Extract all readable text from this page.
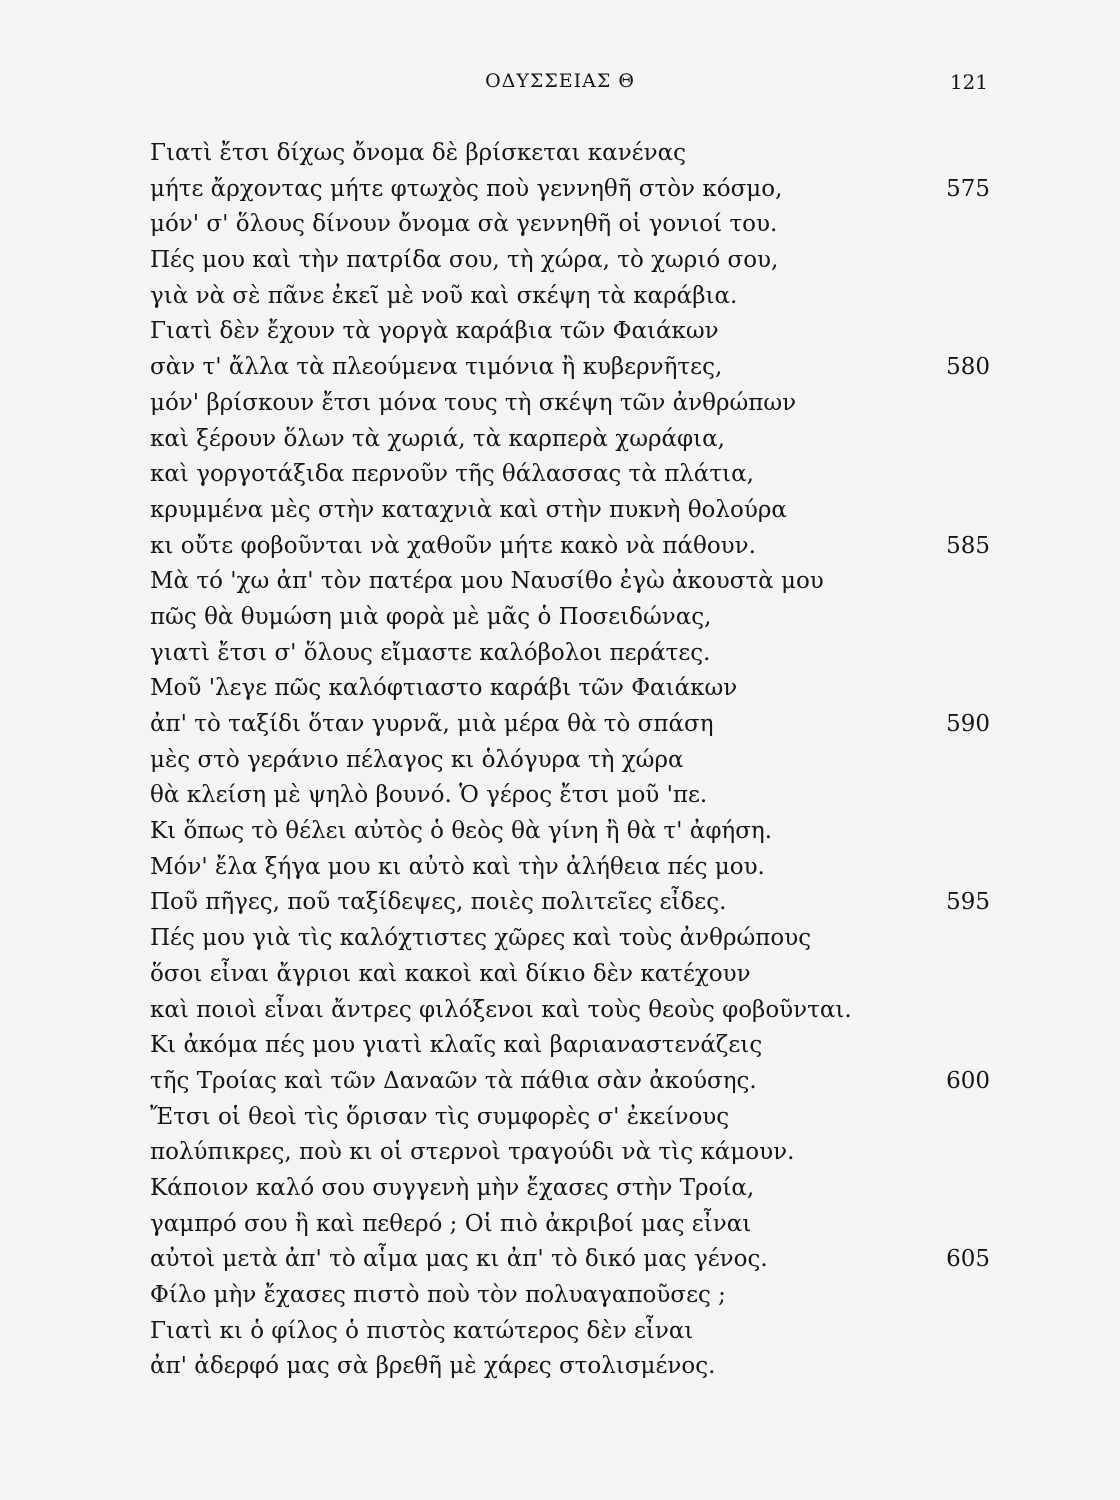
ΟΔΥΣΣΕΙΑΣ Θ	121
Γιατὶ ἔτσι δίχως ὄνομα δὲ βρίσκεται κανένας
μήτε ἄρχοντας μήτε φτωχὸς ποὺ γεννηθῆ στὸν κόσμο,	575
μόν' σ' ὅλους δίνουν ὄνομα σὰ γεννηθῆ οἱ γονιοί του.
Πές μου καὶ τὴν πατρίδα σου, τὴ χώρα, τὸ χωριό σου,
γιὰ νὰ σὲ πᾶνε ἐκεῖ μὲ νοῦ καὶ σκέψη τὰ καράβια.
Γιατὶ δὲν ἔχουν τὰ γοργὰ καράβια τῶν Φαιάκων
σὰν τ' ἄλλα τὰ πλεούμενα τιμόνια ἢ κυβερνῆτες,	580
μόν' βρίσκουν ἔτσι μόνα τους τὴ σκέψη τῶν ἀνθρώπων
καὶ ξέρουν ὅλων τὰ χωριά, τὰ καρπερὰ χωράφια,
καὶ γοργοτάξιδα περνοῦν τῆς θάλασσας τὰ πλάτια,
κρυμμένα μὲς στὴν καταχνιὰ καὶ στὴν πυκνὴ θολούρα
κι οὔτε φοβοῦνται νὰ χαθοῦν μήτε κακὸ νὰ πάθουν.	585
Μὰ τό 'χω ἀπ' τὸν πατέρα μου Ναυσίθο ἐγὼ ἀκουστὰ μου
πῶς θὰ θυμώση μιὰ φορὰ μὲ μᾶς ὁ Ποσειδώνας,
γιατὶ ἔτσι σ' ὅλους εἴμαστε καλόβολοι περάτες.
Μοῦ 'λεγε πῶς καλόφτιαστο καράβι τῶν Φαιάκων
ἀπ' τὸ ταξίδι ὅταν γυρνᾶ, μιὰ μέρα θὰ τὸ σπάση	590
μὲς στὸ γεράνιο πέλαγος κι ὁλόγυρα τὴ χώρα
θὰ κλείση μὲ ψηλὸ βουνό. Ὁ γέρος ἔτσι μοῦ 'πε.
Κι ὅπως τὸ θέλει αὐτὸς ὁ θεὸς θὰ γίνη ἢ θὰ τ' ἀφήση.
Μόν' ἔλα ξήγα μου κι αὐτὸ καὶ τὴν ἀλήθεια πές μου.
Ποῦ πῆγες, ποῦ ταξίδεψες, ποιὲς πολιτεῖες εἶδες.	595
Πές μου γιὰ τὶς καλόχτιστες χῶρες καὶ τοὺς ἀνθρώπους
ὅσοι εἶναι ἄγριοι καὶ κακοὶ καὶ δίκιο δὲν κατέχουν
καὶ ποιοὶ εἶναι ἄντρες φιλόξενοι καὶ τοὺς θεοὺς φοβοῦνται.
Κι ἀκόμα πές μου γιατὶ κλαῖς καὶ βαριαναστενάζεις
τῆς Τροίας καὶ τῶν Δαναῶν τὰ πάθια σὰν ἀκούσης.	600
Ἔτσι οἱ θεοὶ τὶς ὅρισαν τὶς συμφορὲς σ' ἐκείνους
πολύπικρες, ποὺ κι οἱ στερνοὶ τραγούδι νὰ τὶς κάμουν.
Κάποιον καλό σου συγγενὴ μὴν ἔχασες στὴν Τροία,
γαμπρό σου ἢ καὶ πεθερό ; Οἱ πιὸ ἀκριβοί μας εἶναι
αὐτοὶ μετὰ ἀπ' τὸ αἷμα μας κι ἀπ' τὸ δικό μας γένος.	605
Φίλο μὴν ἔχασες πιστὸ ποὺ τὸν πολυαγαποῦσες ;
Γιατὶ κι ὁ φίλος ὁ πιστὸς κατώτερος δὲν εἶναι
ἀπ' ἀδερφό μας σὰ βρεθῆ μὲ χάρες στολισμένος.
